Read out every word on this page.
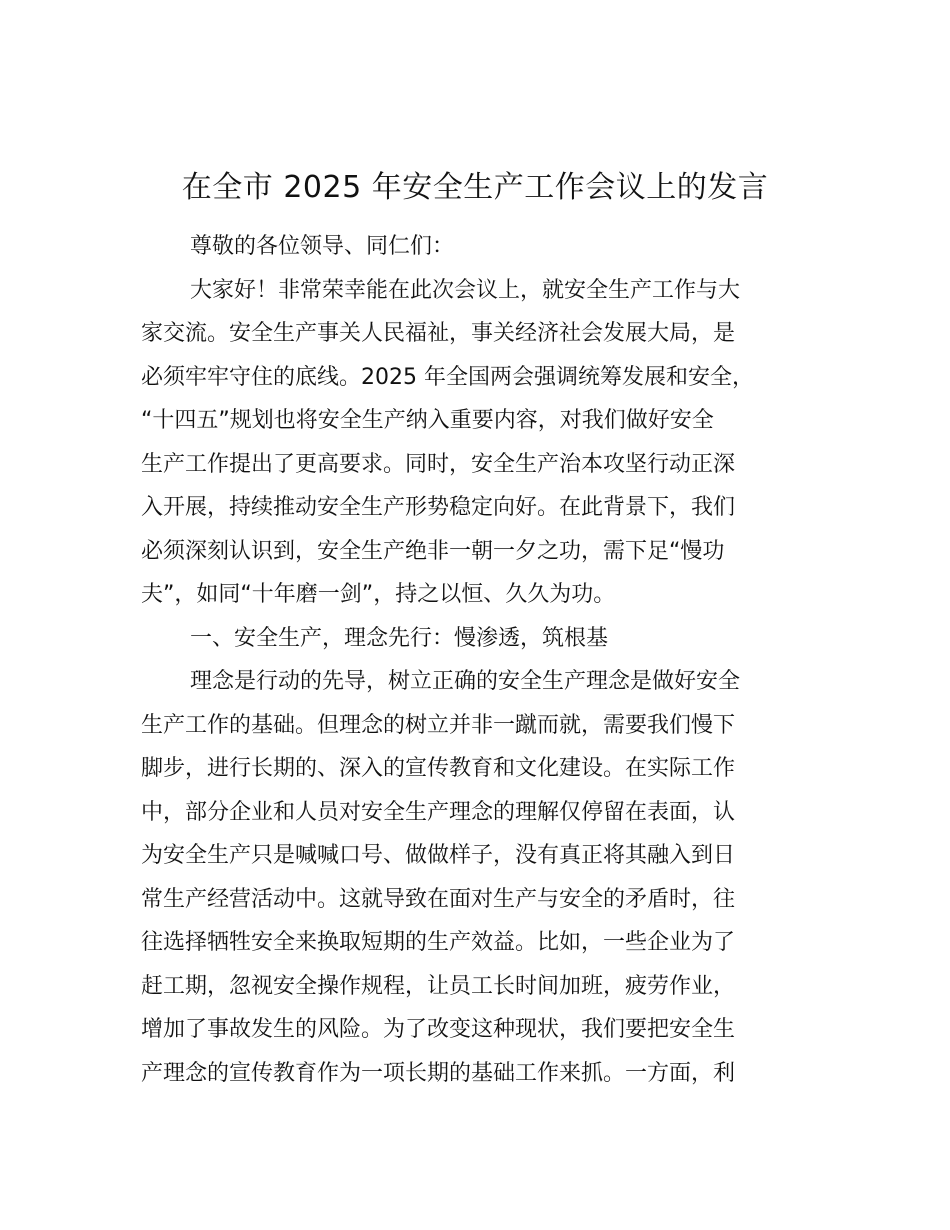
在全市 2025 年安全生产工作会议上的发言

尊敬的各位领导、同仁们：

大家好！非常荣幸能在此次会议上，就安全生产工作与大
家交流。安全生产事关人民福祉，事关经济社会发展大局，是
必须牢牢守住的底线。2025 年全国两会强调统筹发展和安全，
“十四五”规划也将安全生产纳入重要内容，对我们做好安全
生产工作提出了更高要求。同时，安全生产治本攻坚行动正深
入开展，持续推动安全生产形势稳定向好。在此背景下，我们
必须深刻认识到，安全生产绝非一朝一夕之功，需下足“慢功
夫”，如同“十年磨一剑”，持之以恒、久久为功。

一、安全生产，理念先行：慢渗透，筑根基

理念是行动的先导，树立正确的安全生产理念是做好安全
生产工作的基础。但理念的树立并非一蹴而就，需要我们慢下
脚步，进行长期的、深入的宣传教育和文化建设。在实际工作
中，部分企业和人员对安全生产理念的理解仅停留在表面，认
为安全生产只是喊喊口号、做做样子，没有真正将其融入到日
常生产经营活动中。这就导致在面对生产与安全的矛盾时，往
往选择牺牲安全来换取短期的生产效益。比如，一些企业为了
赶工期，忽视安全操作规程，让员工长时间加班，疲劳作业，
增加了事故发生的风险。为了改变这种现状，我们要把安全生
产理念的宣传教育作为一项长期的基础工作来抓。一方面，利
